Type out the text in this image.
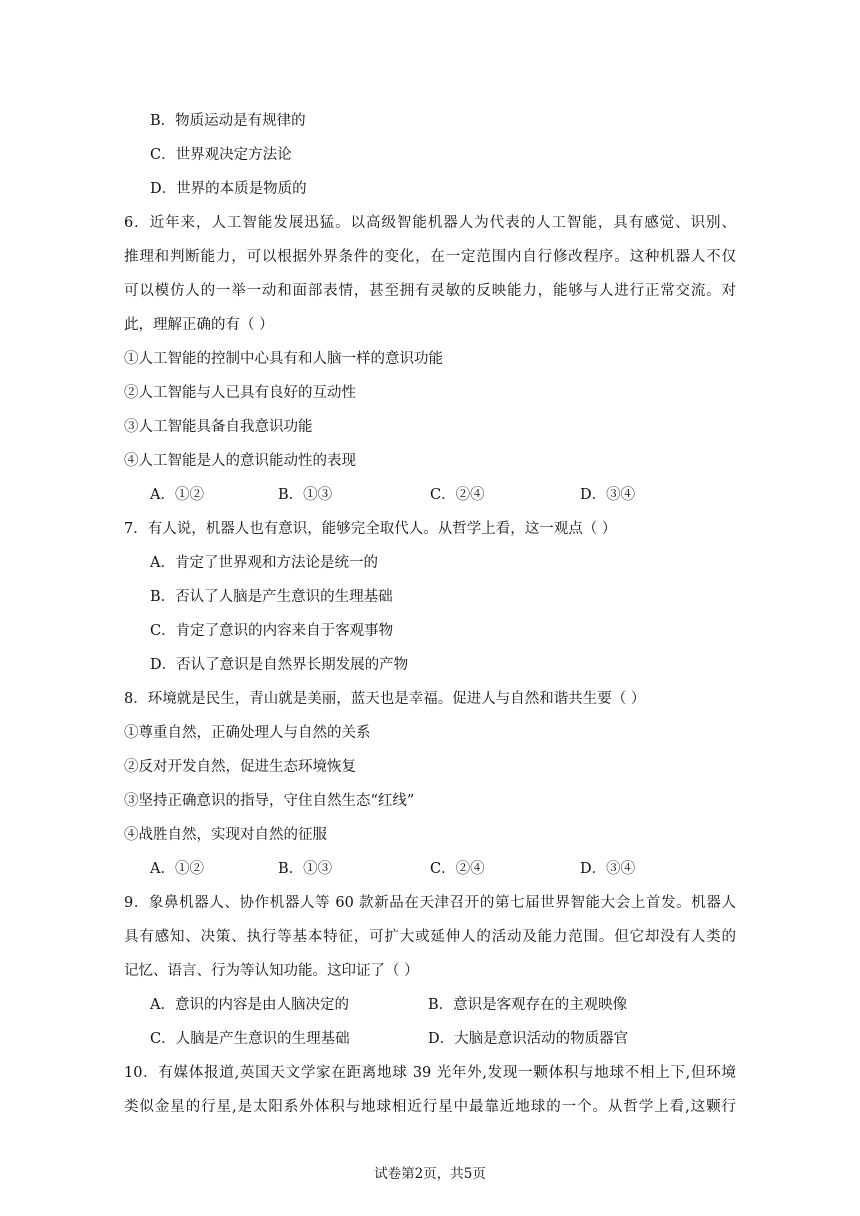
B．物质运动是有规律的
C．世界观决定方法论
D．世界的本质是物质的
6．近年来，人工智能发展迅猛。以高级智能机器人为代表的人工智能，具有感觉、识别、
推理和判断能力，可以根据外界条件的变化，在一定范围内自行修改程序。这种机器人不仅
可以模仿人的一举一动和面部表情，甚至拥有灵敏的反映能力，能够与人进行正常交流。对
此，理解正确的有（ ）
①人工智能的控制中心具有和人脑一样的意识功能
②人工智能与人已具有良好的互动性
③人工智能具备自我意识功能
④人工智能是人的意识能动性的表现
A．①②	B．①③	C．②④	D．③④
7．有人说，机器人也有意识，能够完全取代人。从哲学上看，这一观点（ ）
A．肯定了世界观和方法论是统一的
B．否认了人脑是产生意识的生理基础
C．肯定了意识的内容来自于客观事物
D．否认了意识是自然界长期发展的产物
8．环境就是民生，青山就是美丽，蓝天也是幸福。促进人与自然和谐共生要（ ）
①尊重自然，正确处理人与自然的关系
②反对开发自然，促进生态环境恢复
③坚持正确意识的指导，守住自然生态“红线”
④战胜自然，实现对自然的征服
A．①②	B．①③	C．②④	D．③④
9．象鼻机器人、协作机器人等 60 款新品在天津召开的第七届世界智能大会上首发。机器人
具有感知、决策、执行等基本特征，可扩大或延伸人的活动及能力范围。但它却没有人类的
记忆、语言、行为等认知功能。这印证了（ ）
A．意识的内容是由人脑决定的	B．意识是客观存在的主观映像
C．人脑是产生意识的生理基础	D．大脑是意识活动的物质器官
10．有媒体报道,英国天文学家在距离地球 39 光年外,发现一颗体积与地球不相上下,但环境
类似金星的行星,是太阳系外体积与地球相近行星中最靠近地球的一个。从哲学上看,这颗行
试卷第2页，共5页
